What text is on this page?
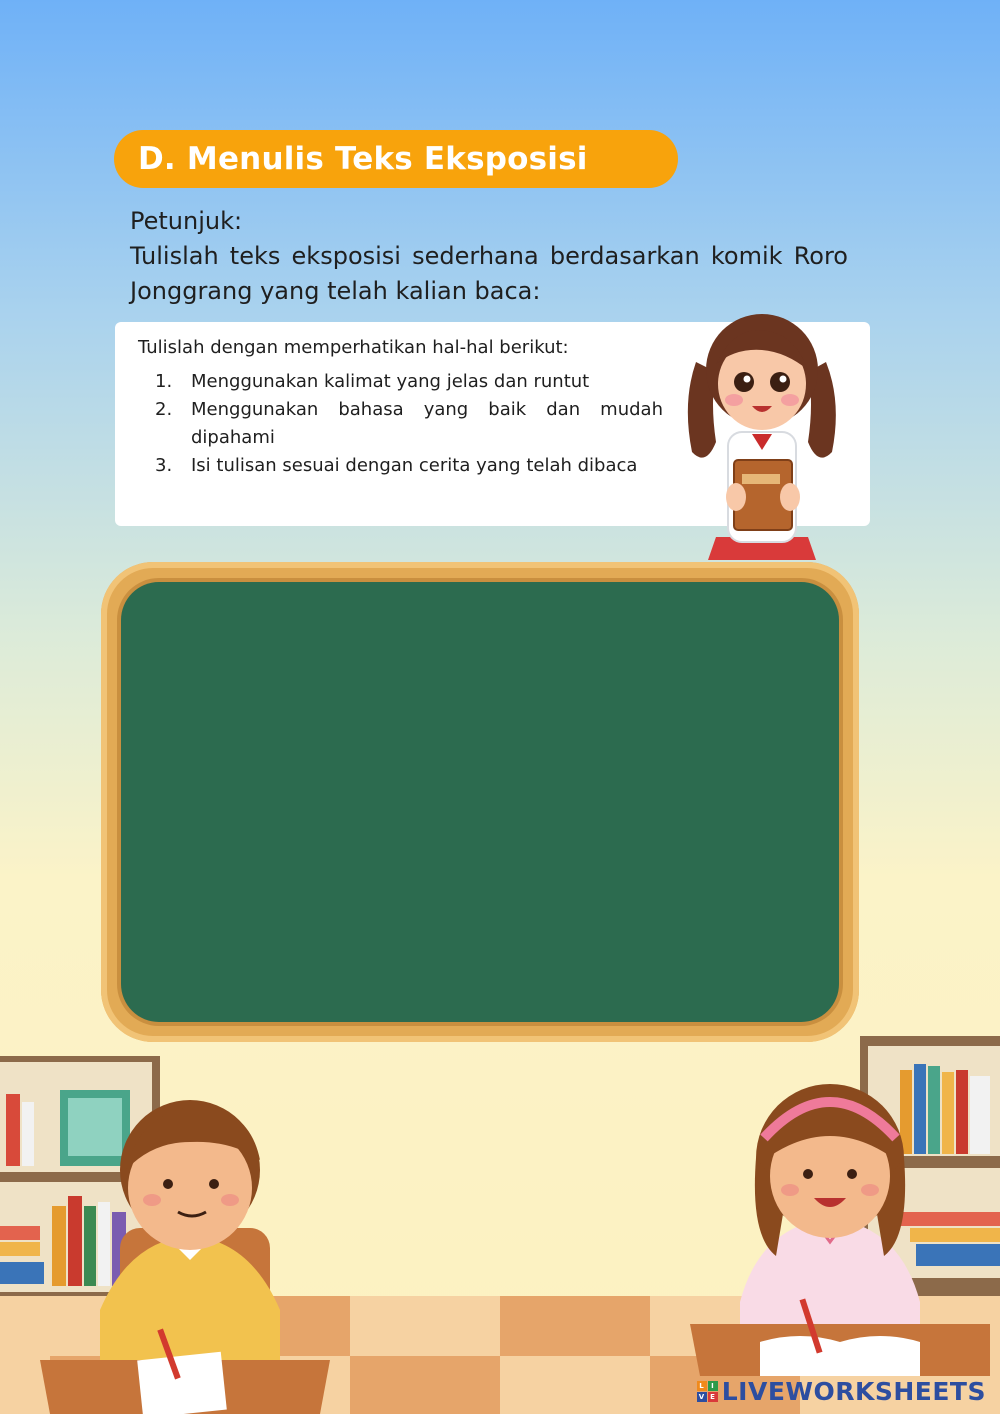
D. Menulis Teks Eksposisi

Petunjuk:

Tulislah teks eksposisi sederhana berdasarkan komik Roro Jonggrang yang telah kalian baca:

Tulislah dengan memperhatikan hal-hal berikut:
1.	Menggunakan kalimat yang jelas dan runtut
2.	Menggunakan bahasa yang baik dan mudah dipahami
3.	Isi tulisan sesuai dengan cerita yang telah dibaca
L I
V E LIVEWORKSHEETS
